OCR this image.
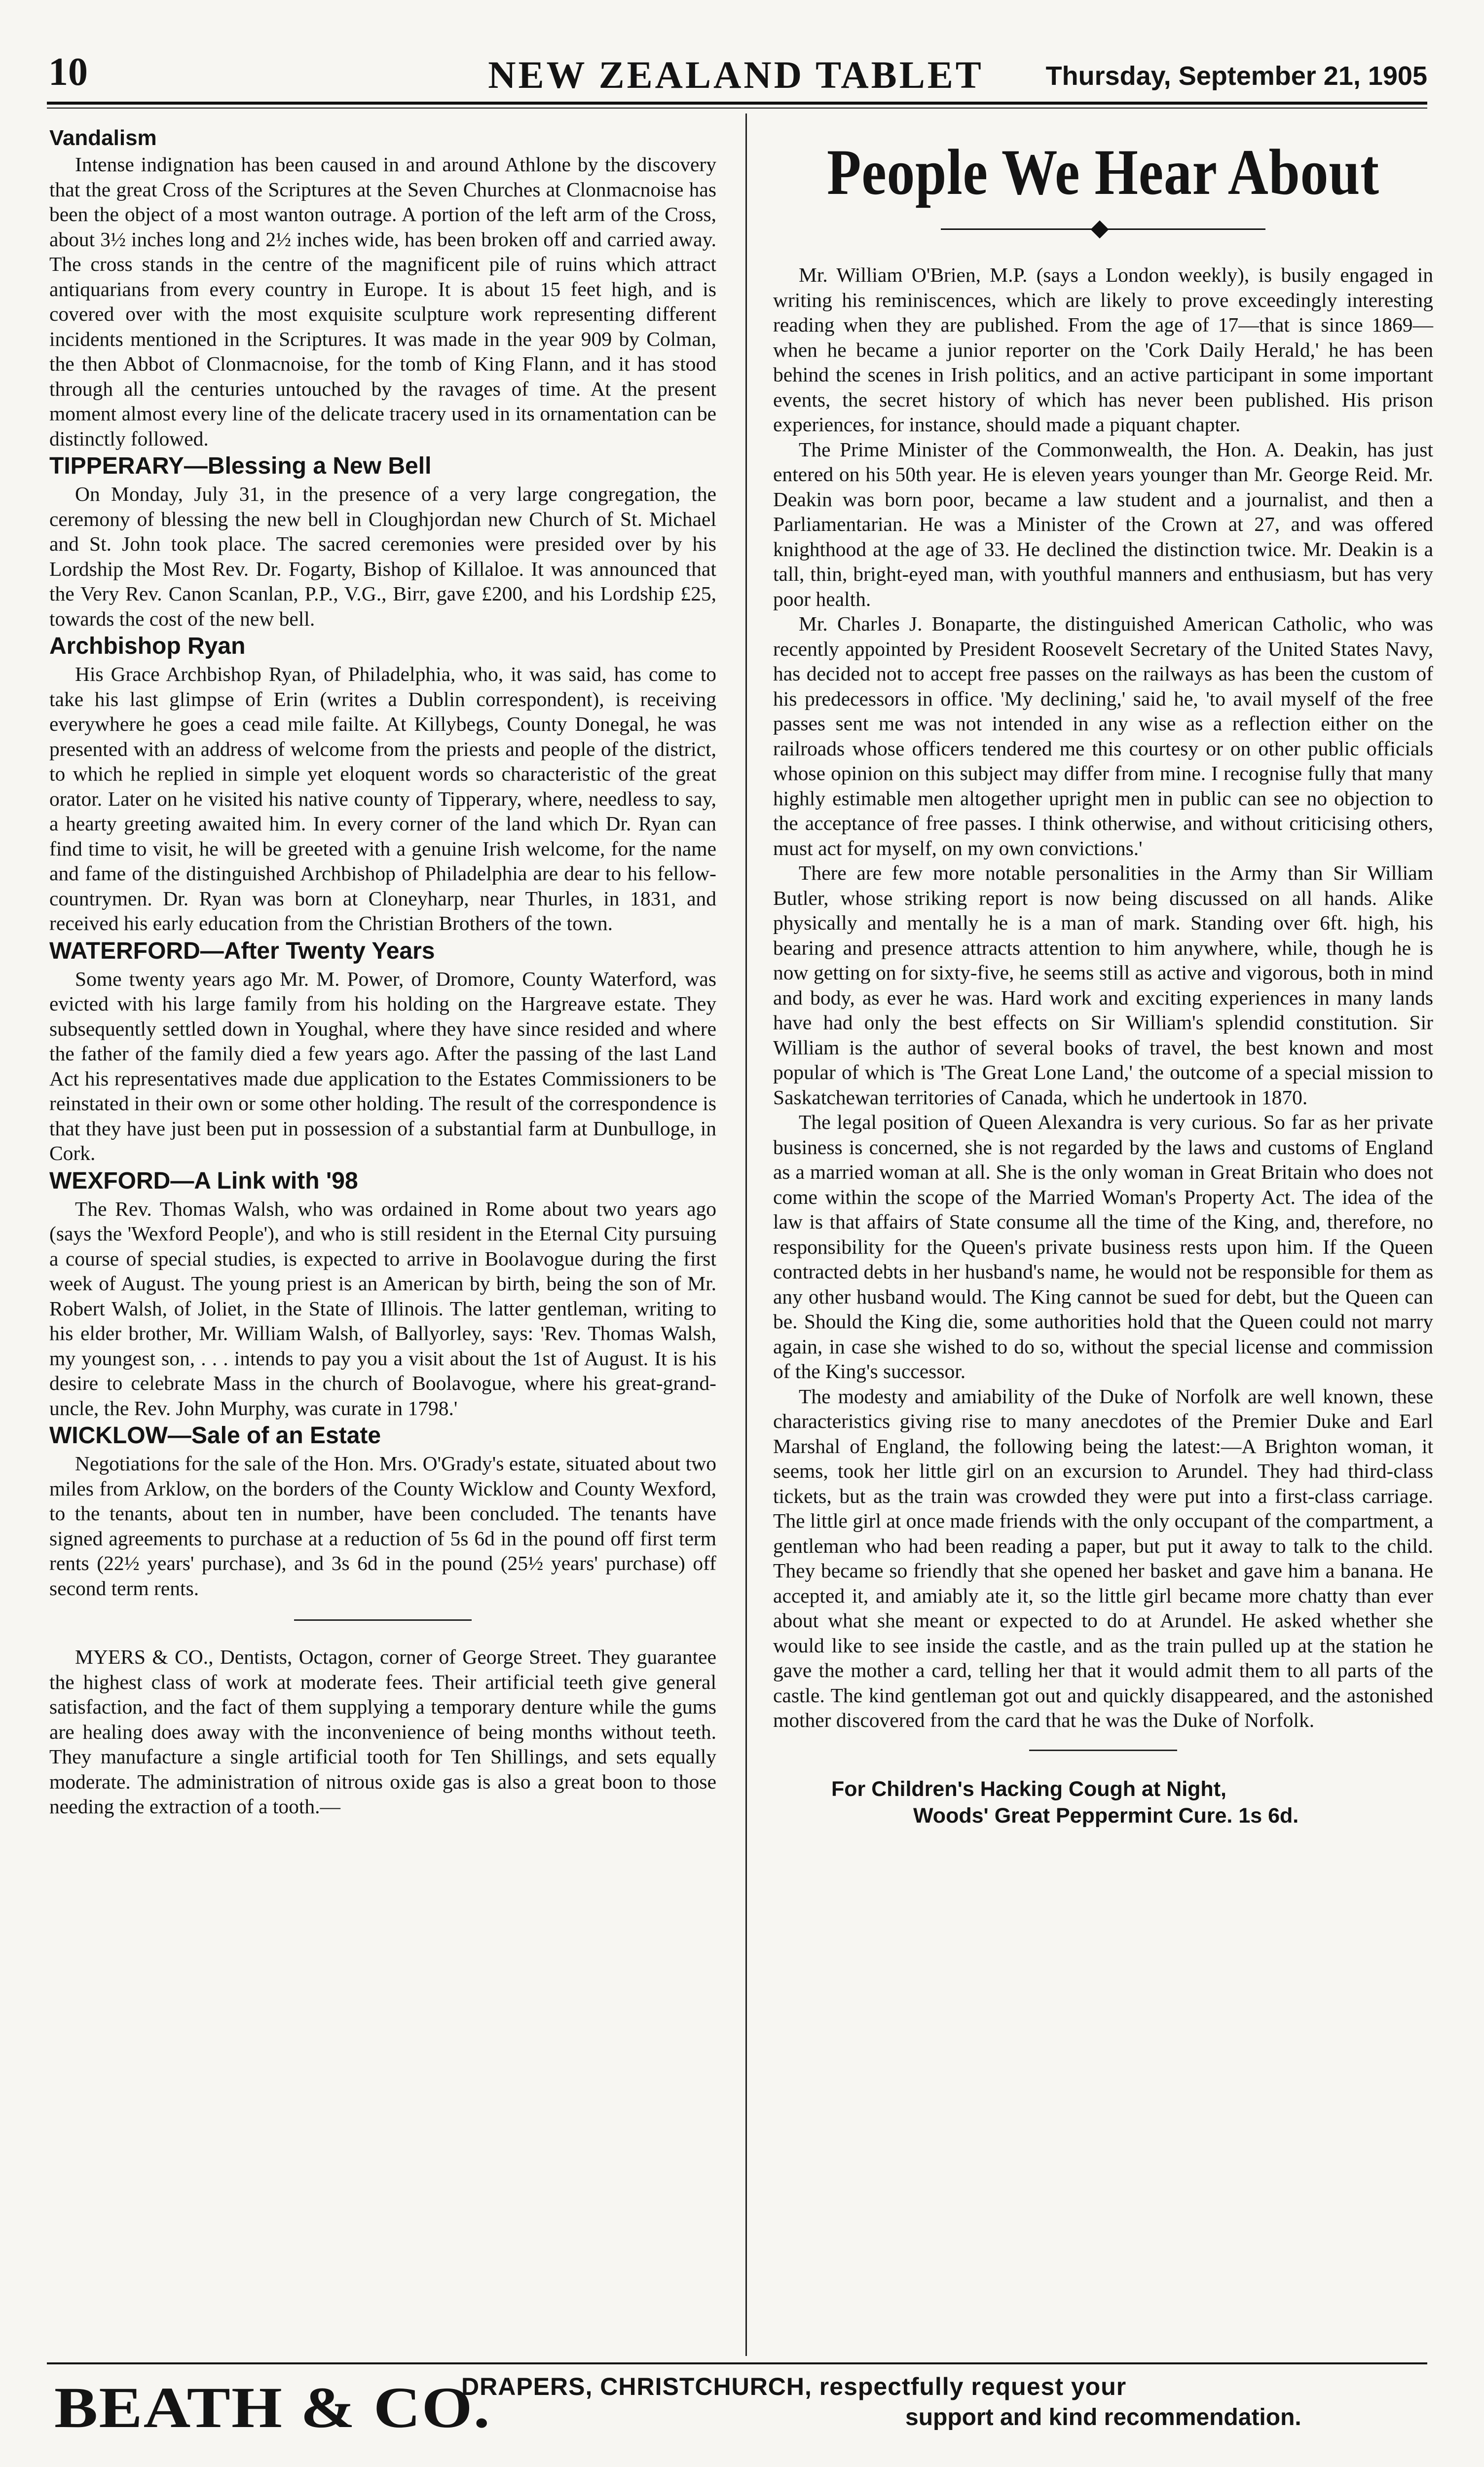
10	NEW ZEALAND TABLET	Thursday, September 21, 1905
Vandalism

Intense indignation has been caused in and around Athlone by the discovery that the great Cross of the Scriptures at the Seven Churches at Clonmacnoise has been the object of a most wanton outrage. A portion of the left arm of the Cross, about 3½ inches long and 2½ inches wide, has been broken off and carried away. The cross stands in the centre of the magnificent pile of ruins which attract antiquarians from every country in Europe. It is about 15 feet high, and is covered over with the most exquisite sculpture work representing different incidents mentioned in the Scriptures. It was made in the year 909 by Colman, the then Abbot of Clonmacnoise, for the tomb of King Flann, and it has stood through all the centuries untouched by the ravages of time. At the present moment almost every line of the delicate tracery used in its ornamentation can be distinctly followed.

TIPPERARY—Blessing a New Bell

On Monday, July 31, in the presence of a very large congregation, the ceremony of blessing the new bell in Cloughjordan new Church of St. Michael and St. John took place. The sacred ceremonies were presided over by his Lordship the Most Rev. Dr. Fogarty, Bishop of Killaloe. It was announced that the Very Rev. Canon Scanlan, P.P., V.G., Birr, gave £200, and his Lordship £25, towards the cost of the new bell.

Archbishop Ryan

His Grace Archbishop Ryan, of Philadelphia, who, it was said, has come to take his last glimpse of Erin (writes a Dublin correspondent), is receiving everywhere he goes a cead mile failte. At Killybegs, County Donegal, he was presented with an address of welcome from the priests and people of the district, to which he replied in simple yet eloquent words so characteristic of the great orator. Later on he visited his native county of Tipperary, where, needless to say, a hearty greeting awaited him. In every corner of the land which Dr. Ryan can find time to visit, he will be greeted with a genuine Irish welcome, for the name and fame of the distinguished Archbishop of Philadelphia are dear to his fellow-countrymen. Dr. Ryan was born at Cloneyharp, near Thurles, in 1831, and received his early education from the Christian Brothers of the town.

WATERFORD—After Twenty Years

Some twenty years ago Mr. M. Power, of Dromore, County Waterford, was evicted with his large family from his holding on the Hargreave estate. They subsequently settled down in Youghal, where they have since resided and where the father of the family died a few years ago. After the passing of the last Land Act his representatives made due application to the Estates Commissioners to be reinstated in their own or some other holding. The result of the correspondence is that they have just been put in possession of a substantial farm at Dunbulloge, in Cork.

WEXFORD—A Link with '98

The Rev. Thomas Walsh, who was ordained in Rome about two years ago (says the 'Wexford People'), and who is still resident in the Eternal City pursuing a course of special studies, is expected to arrive in Boolavogue during the first week of August. The young priest is an American by birth, being the son of Mr. Robert Walsh, of Joliet, in the State of Illinois. The latter gentleman, writing to his elder brother, Mr. William Walsh, of Ballyorley, says: 'Rev. Thomas Walsh, my youngest son, . . . intends to pay you a visit about the 1st of August. It is his desire to celebrate Mass in the church of Boolavogue, where his great-grand-uncle, the Rev. John Murphy, was curate in 1798.'

WICKLOW—Sale of an Estate

Negotiations for the sale of the Hon. Mrs. O'Grady's estate, situated about two miles from Arklow, on the borders of the County Wicklow and County Wexford, to the tenants, about ten in number, have been concluded. The tenants have signed agreements to purchase at a reduction of 5s 6d in the pound off first term rents (22½ years' purchase), and 3s 6d in the pound (25½ years' purchase) off second term rents.

MYERS & CO., Dentists, Octagon, corner of George Street. They guarantee the highest class of work at moderate fees. Their artificial teeth give general satisfaction, and the fact of them supplying a temporary denture while the gums are healing does away with the inconvenience of being months without teeth. They manufacture a single artificial tooth for Ten Shillings, and sets equally moderate. The administration of nitrous oxide gas is also a great boon to those needing the extraction of a tooth.—

People We Hear About

Mr. William O'Brien, M.P. (says a London weekly), is busily engaged in writing his reminiscences, which are likely to prove exceedingly interesting reading when they are published. From the age of 17—that is since 1869—when he became a junior reporter on the 'Cork Daily Herald,' he has been behind the scenes in Irish politics, and an active participant in some important events, the secret history of which has never been published. His prison experiences, for instance, should made a piquant chapter.

The Prime Minister of the Commonwealth, the Hon. A. Deakin, has just entered on his 50th year. He is eleven years younger than Mr. George Reid. Mr. Deakin was born poor, became a law student and a journalist, and then a Parliamentarian. He was a Minister of the Crown at 27, and was offered knighthood at the age of 33. He declined the distinction twice. Mr. Deakin is a tall, thin, bright-eyed man, with youthful manners and enthusiasm, but has very poor health.

Mr. Charles J. Bonaparte, the distinguished American Catholic, who was recently appointed by President Roosevelt Secretary of the United States Navy, has decided not to accept free passes on the railways as has been the custom of his predecessors in office. 'My declining,' said he, 'to avail myself of the free passes sent me was not intended in any wise as a reflection either on the railroads whose officers tendered me this courtesy or on other public officials whose opinion on this subject may differ from mine. I recognise fully that many highly estimable men altogether upright men in public can see no objection to the acceptance of free passes. I think otherwise, and without criticising others, must act for myself, on my own convictions.'

There are few more notable personalities in the Army than Sir William Butler, whose striking report is now being discussed on all hands. Alike physically and mentally he is a man of mark. Standing over 6ft. high, his bearing and presence attracts attention to him anywhere, while, though he is now getting on for sixty-five, he seems still as active and vigorous, both in mind and body, as ever he was. Hard work and exciting experiences in many lands have had only the best effects on Sir William's splendid constitution. Sir William is the author of several books of travel, the best known and most popular of which is 'The Great Lone Land,' the outcome of a special mission to Saskatchewan territories of Canada, which he undertook in 1870.

The legal position of Queen Alexandra is very curious. So far as her private business is concerned, she is not regarded by the laws and customs of England as a married woman at all. She is the only woman in Great Britain who does not come within the scope of the Married Woman's Property Act. The idea of the law is that affairs of State consume all the time of the King, and, therefore, no responsibility for the Queen's private business rests upon him. If the Queen contracted debts in her husband's name, he would not be responsible for them as any other husband would. The King cannot be sued for debt, but the Queen can be. Should the King die, some authorities hold that the Queen could not marry again, in case she wished to do so, without the special license and commission of the King's successor.

The modesty and amiability of the Duke of Norfolk are well known, these characteristics giving rise to many anecdotes of the Premier Duke and Earl Marshal of England, the following being the latest:—A Brighton woman, it seems, took her little girl on an excursion to Arundel. They had third-class tickets, but as the train was crowded they were put into a first-class carriage. The little girl at once made friends with the only occupant of the compartment, a gentleman who had been reading a paper, but put it away to talk to the child. They became so friendly that she opened her basket and gave him a banana. He accepted it, and amiably ate it, so the little girl became more chatty than ever about what she meant or expected to do at Arundel. He asked whether she would like to see inside the castle, and as the train pulled up at the station he gave the mother a card, telling her that it would admit them to all parts of the castle. The kind gentleman got out and quickly disappeared, and the astonished mother discovered from the card that he was the Duke of Norfolk.

For Children's Hacking Cough at Night,

Woods' Great Peppermint Cure. 1s 6d.

BEATH & CO.
DRAPERS, CHRISTCHURCH, respectfully request your
support and kind recommendation.
